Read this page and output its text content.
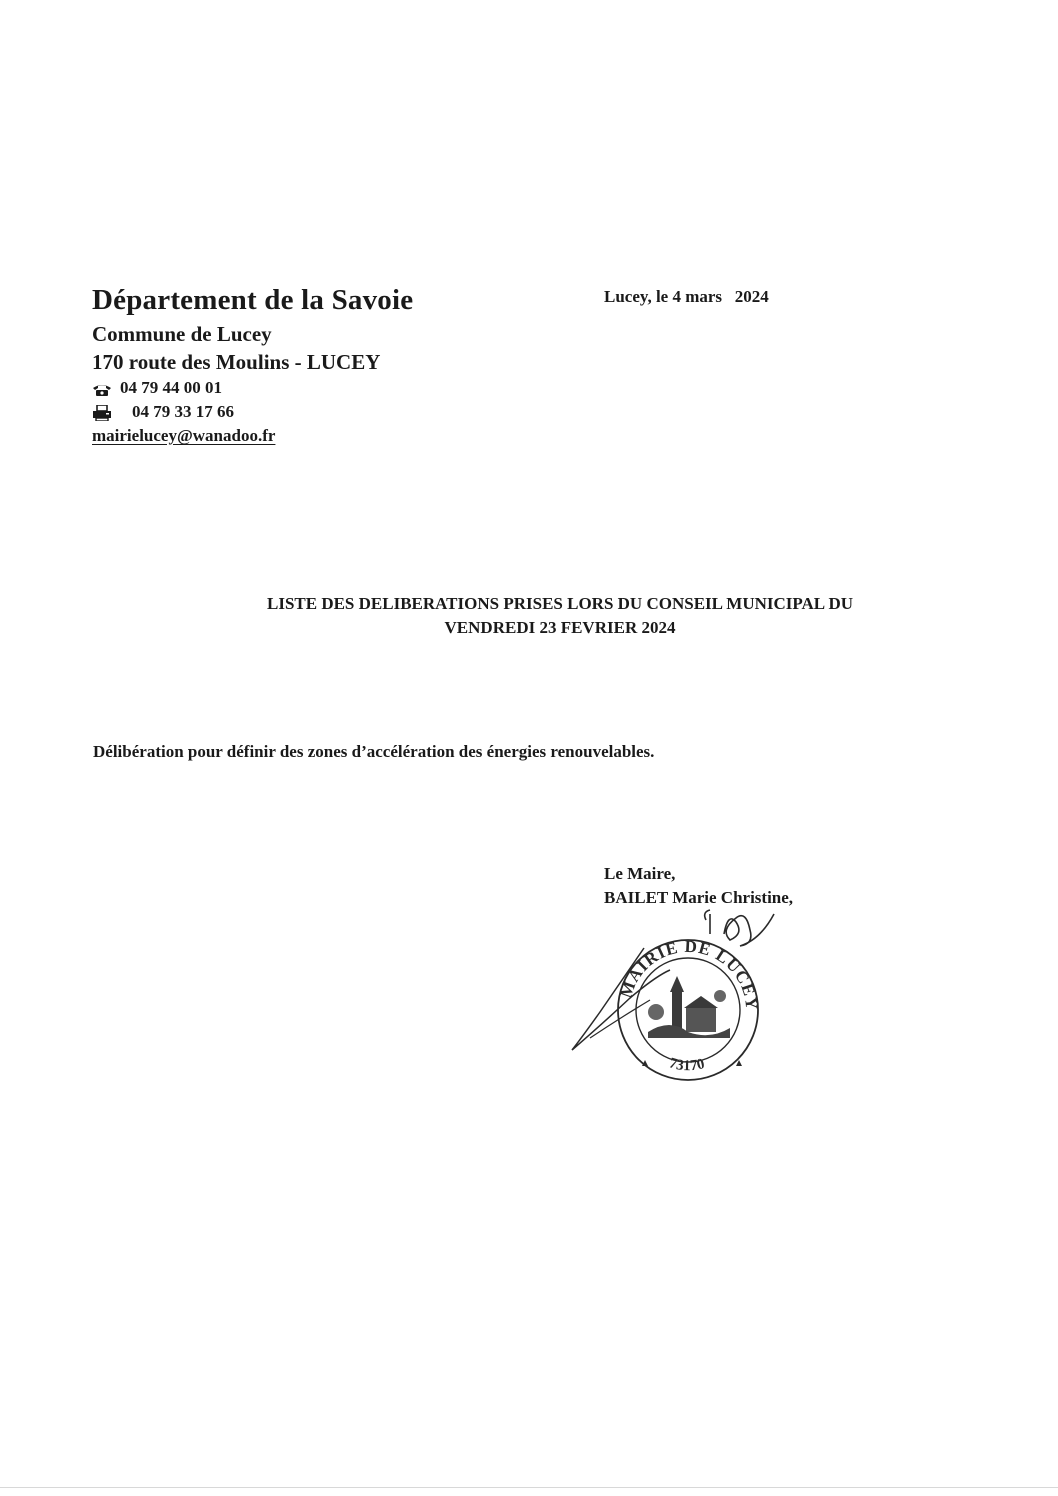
Département de la Savoie
Commune de Lucey
170 route des Moulins - LUCEY
04 79 44 00 01
04 79 33 17 66
mairielucey@wanadoo.fr
Lucey, le 4 mars   2024
LISTE DES DELIBERATIONS PRISES LORS DU CONSEIL MUNICIPAL DU
VENDREDI 23 FEVRIER 2024
Délibération pour définir des zones d’accélération des énergies renouvelables.
Le Maire,
BAILET Marie Christine,
MAIRIE DE LUCEY
73170
